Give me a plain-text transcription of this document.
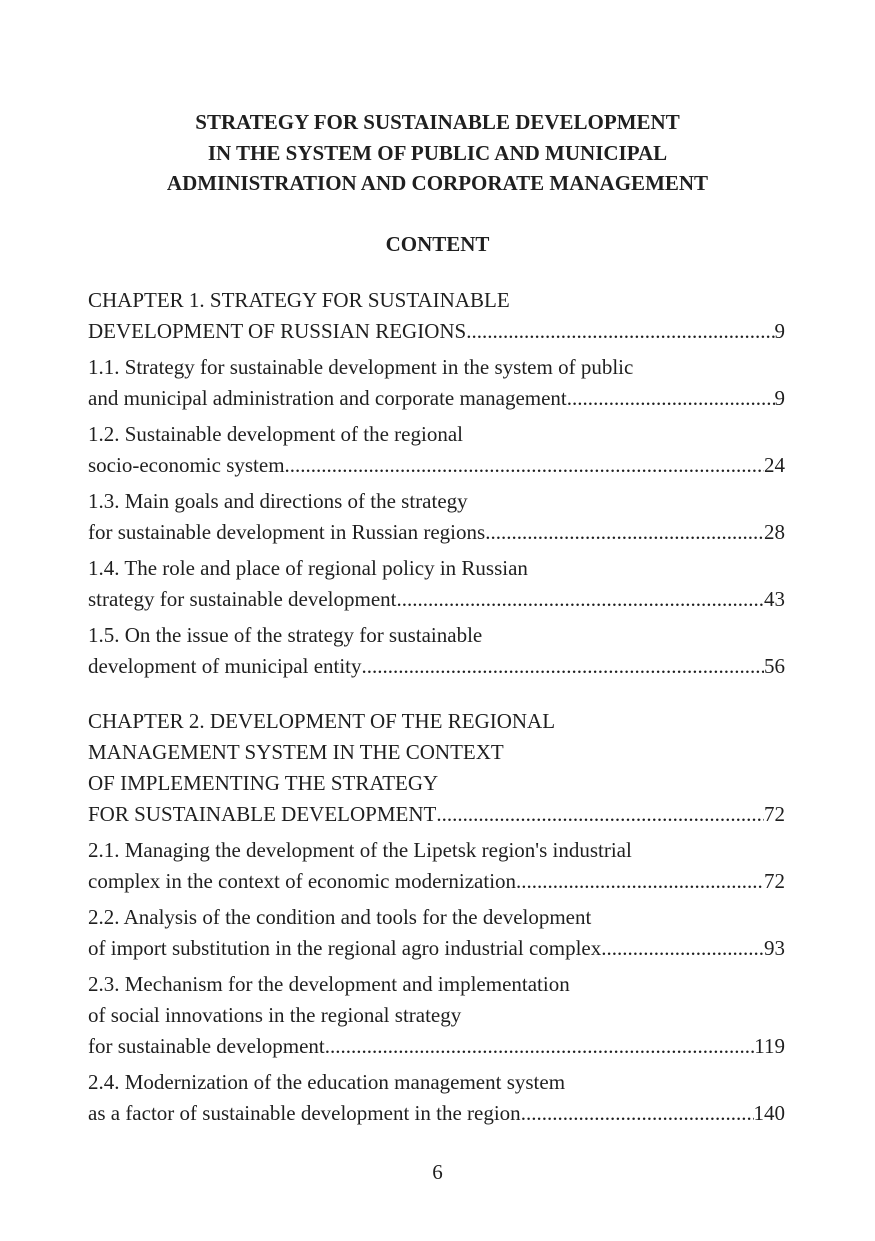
STRATEGY FOR SUSTAINABLE DEVELOPMENT
IN THE SYSTEM OF PUBLIC AND MUNICIPAL
ADMINISTRATION AND CORPORATE MANAGEMENT
CONTENT
CHAPTER 1. STRATEGY FOR SUSTAINABLE
DEVELOPMENT OF RUSSIAN REGIONS .....	9
1.1. Strategy for sustainable development in the system of public
and municipal administration and corporate management .....	9
1.2. Sustainable development of the regional
socio-economic system .....	24
1.3. Main goals and directions of the strategy
for sustainable development in Russian regions .....	28
1.4. The role and place of regional policy in Russian
strategy for sustainable development .....	43
1.5. On the issue of the strategy for sustainable
development of municipal entity .....	56
CHAPTER 2. DEVELOPMENT OF THE REGIONAL
MANAGEMENT SYSTEM IN THE CONTEXT
OF IMPLEMENTING THE STRATEGY
FOR SUSTAINABLE DEVELOPMENT .....	72
2.1. Managing the development of the Lipetsk region's industrial
complex in the context of economic modernization .....	72
2.2. Analysis of the condition and tools for the development
of import substitution in the regional agro industrial complex .....	93
2.3. Mechanism for the development and implementation
of social innovations in the regional strategy
for sustainable development .....	119
2.4. Modernization of the education management system
as a factor of sustainable development in the region .....	140
6
